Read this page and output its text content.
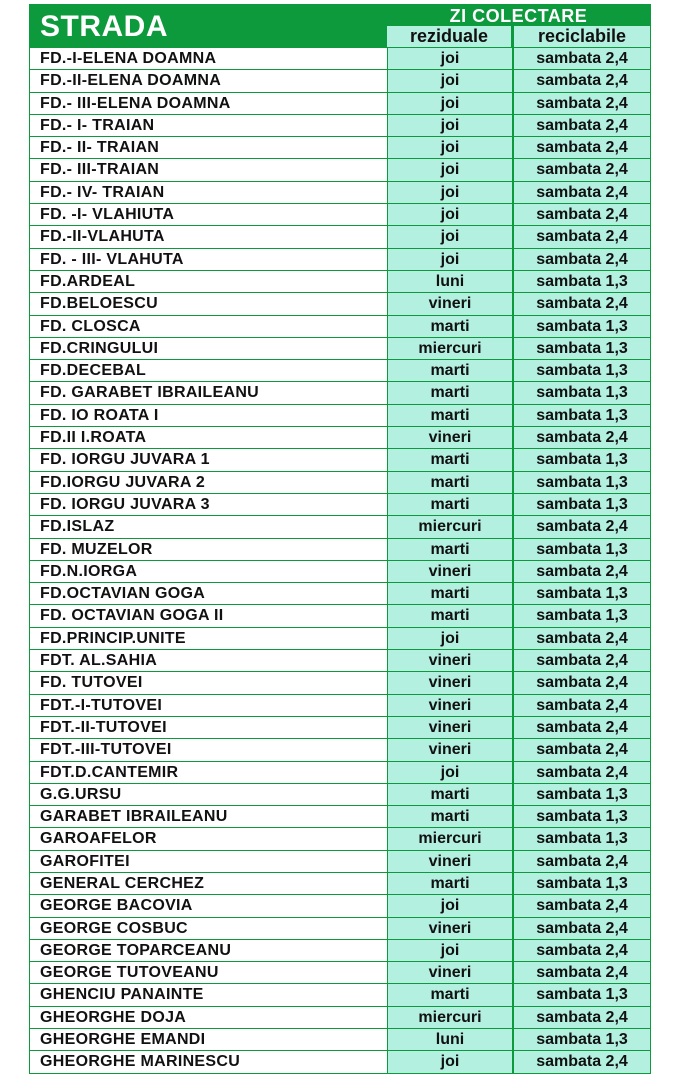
STRADA	ZI COLECTARE
reziduale	reciclabile
FD.-I-ELENA DOAMNA	joi	sambata 2,4
FD.-II-ELENA DOAMNA	joi	sambata 2,4
FD.- III-ELENA DOAMNA	joi	sambata 2,4
FD.- I- TRAIAN	joi	sambata 2,4
FD.- II- TRAIAN	joi	sambata 2,4
FD.- III-TRAIAN	joi	sambata 2,4
FD.- IV- TRAIAN	joi	sambata 2,4
FD. -I- VLAHIUTA	joi	sambata 2,4
FD.-II-VLAHUTA	joi	sambata 2,4
FD. - III- VLAHUTA	joi	sambata 2,4
FD.ARDEAL	luni	sambata 1,3
FD.BELOESCU	vineri	sambata 2,4
FD. CLOSCA	marti	sambata 1,3
FD.CRINGULUI	miercuri	sambata 1,3
FD.DECEBAL	marti	sambata 1,3
FD. GARABET IBRAILEANU	marti	sambata 1,3
FD. IO ROATA I	marti	sambata 1,3
FD.II I.ROATA	vineri	sambata 2,4
FD. IORGU JUVARA 1	marti	sambata 1,3
FD.IORGU JUVARA 2	marti	sambata 1,3
FD. IORGU JUVARA 3	marti	sambata 1,3
FD.ISLAZ	miercuri	sambata 2,4
FD. MUZELOR	marti	sambata 1,3
FD.N.IORGA	vineri	sambata 2,4
FD.OCTAVIAN GOGA	marti	sambata 1,3
FD. OCTAVIAN GOGA II	marti	sambata 1,3
FD.PRINCIP.UNITE	joi	sambata 2,4
FDT. AL.SAHIA	vineri	sambata 2,4
FD. TUTOVEI	vineri	sambata 2,4
FDT.-I-TUTOVEI	vineri	sambata 2,4
FDT.-II-TUTOVEI	vineri	sambata 2,4
FDT.-III-TUTOVEI	vineri	sambata 2,4
FDT.D.CANTEMIR	joi	sambata 2,4
G.G.URSU	marti	sambata 1,3
GARABET IBRAILEANU	marti	sambata 1,3
GAROAFELOR	miercuri	sambata 1,3
GAROFITEI	vineri	sambata 2,4
GENERAL CERCHEZ	marti	sambata 1,3
GEORGE BACOVIA	joi	sambata 2,4
GEORGE COSBUC	vineri	sambata 2,4
GEORGE TOPARCEANU	joi	sambata 2,4
GEORGE TUTOVEANU	vineri	sambata 2,4
GHENCIU PANAINTE	marti	sambata 1,3
GHEORGHE DOJA	miercuri	sambata 2,4
GHEORGHE EMANDI	luni	sambata 1,3
GHEORGHE MARINESCU	joi	sambata 2,4
